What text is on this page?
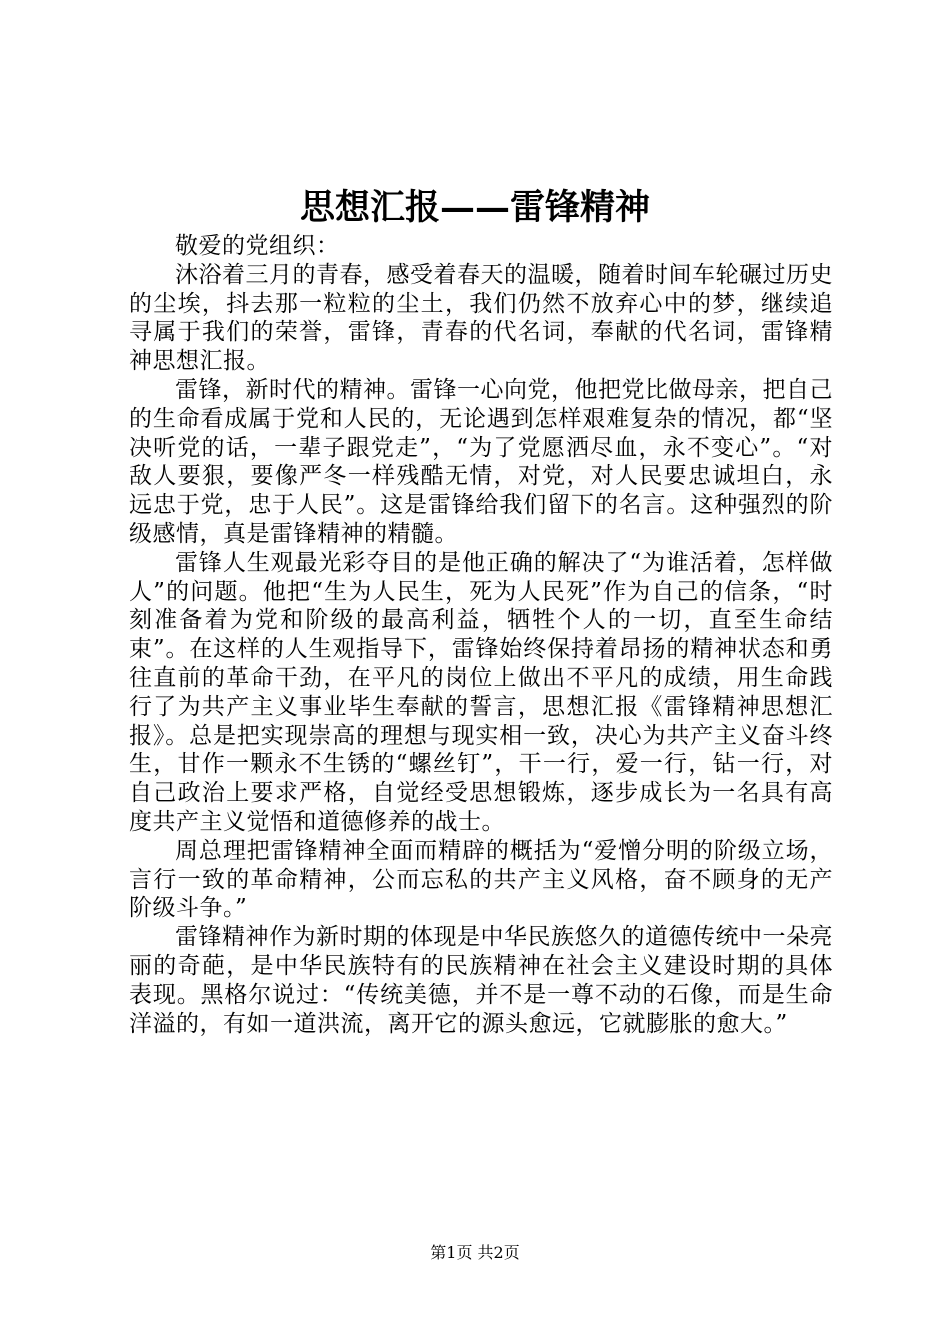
思想汇报——雷锋精神

敬爱的党组织：

沐浴着三月的青春，感受着春天的温暖，随着时间车轮碾过历史的尘埃，抖去那一粒粒的尘土，我们仍然不放弃心中的梦，继续追寻属于我们的荣誉，雷锋，青春的代名词，奉献的代名词，雷锋精神思想汇报。

雷锋，新时代的精神。雷锋一心向党，他把党比做母亲，把自己的生命看成属于党和人民的，无论遇到怎样艰难复杂的情况，都“坚决听党的话，一辈子跟党走”，“为了党愿洒尽血，永不变心”。“对敌人要狠，要像严冬一样残酷无情，对党，对人民要忠诚坦白，永远忠于党，忠于人民”。这是雷锋给我们留下的名言。这种强烈的阶级感情，真是雷锋精神的精髓。

雷锋人生观最光彩夺目的是他正确的解决了“为谁活着，怎样做人”的问题。他把“生为人民生，死为人民死”作为自己的信条，“时刻准备着为党和阶级的最高利益，牺牲个人的一切，直至生命结束”。在这样的人生观指导下，雷锋始终保持着昂扬的精神状态和勇往直前的革命干劲，在平凡的岗位上做出不平凡的成绩，用生命践行了为共产主义事业毕生奉献的誓言，思想汇报《雷锋精神思想汇报》。总是把实现崇高的理想与现实相一致，决心为共产主义奋斗终生，甘作一颗永不生锈的“螺丝钉”，干一行，爱一行，钻一行，对自己政治上要求严格，自觉经受思想锻炼，逐步成长为一名具有高度共产主义觉悟和道德修养的战士。

周总理把雷锋精神全面而精辟的概括为“爱憎分明的阶级立场，言行一致的革命精神，公而忘私的共产主义风格，奋不顾身的无产阶级斗争。”

雷锋精神作为新时期的体现是中华民族悠久的道德传统中一朵亮丽的奇葩，是中华民族特有的民族精神在社会主义建设时期的具体表现。黑格尔说过：“传统美德，并不是一尊不动的石像，而是生命洋溢的，有如一道洪流，离开它的源头愈远，它就膨胀的愈大。”

第1页 共2页
